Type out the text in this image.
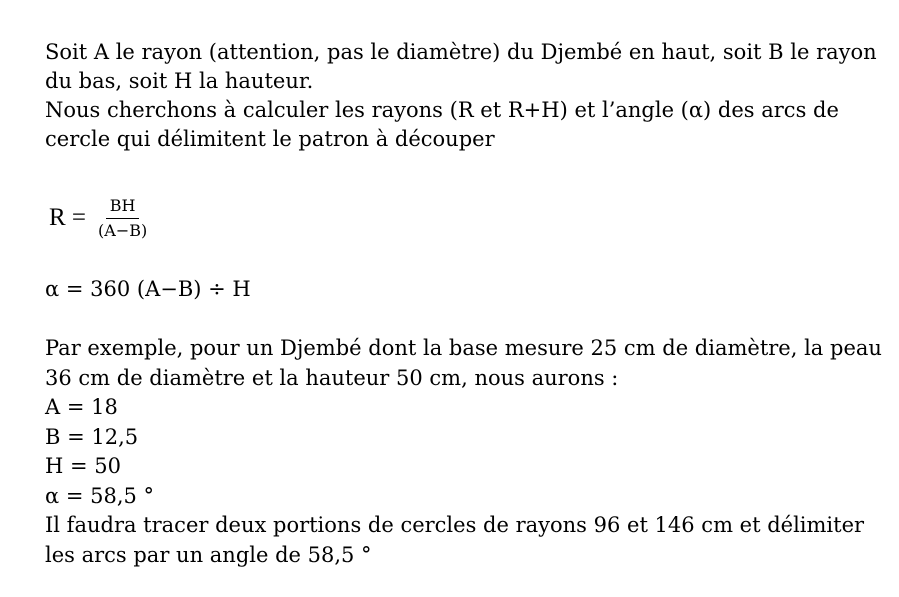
Soit A le rayon (attention, pas le diamètre) du Djembé en haut, soit B le rayon
du bas, soit H la hauteur.
Nous cherchons à calculer les rayons (R et R+H) et l’angle (α) des arcs de
cercle qui délimitent le patron à découper
$R = \frac{BH}{(A-B)}$
α = 360 (A−B) ÷ H
Par exemple, pour un Djembé dont la base mesure 25 cm de diamètre, la peau
36 cm de diamètre et la hauteur 50 cm, nous aurons :
A = 18
B = 12,5
H = 50
α = 58,5 °
Il faudra tracer deux portions de cercles de rayons 96 et 146 cm et délimiter
les arcs par un angle de 58,5 °
